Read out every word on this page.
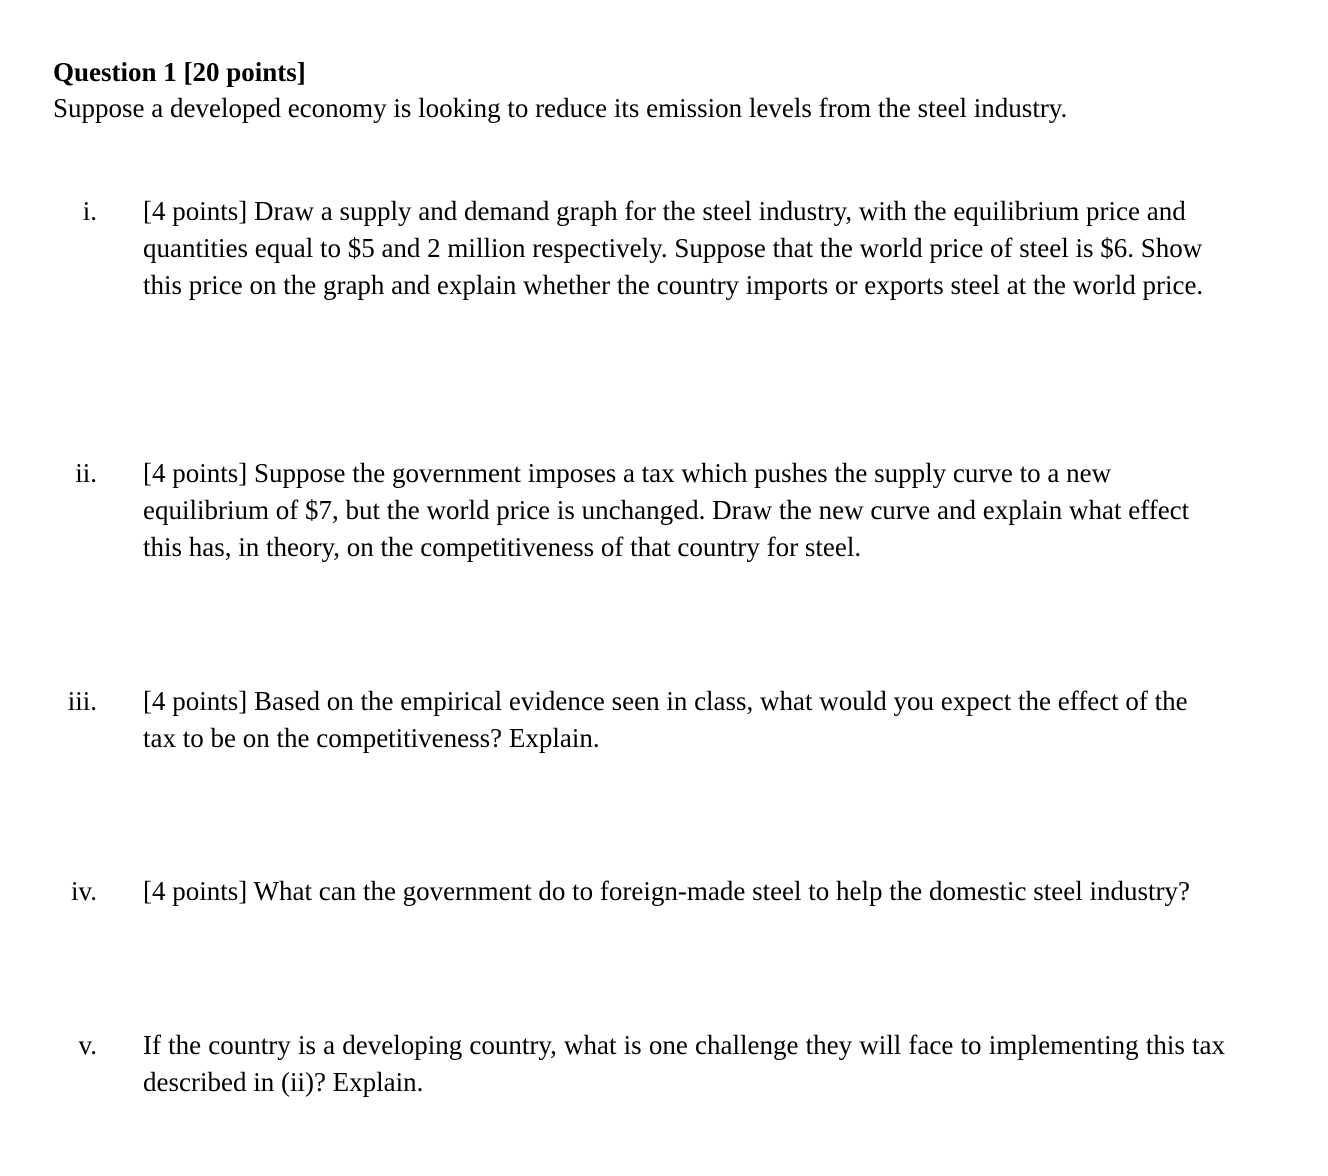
Question 1 [20 points]
Suppose a developed economy is looking to reduce its emission levels from the steel industry.
i. [4 points] Draw a supply and demand graph for the steel industry, with the equilibrium price and quantities equal to $5 and 2 million respectively. Suppose that the world price of steel is $6. Show this price on the graph and explain whether the country imports or exports steel at the world price.
ii. [4 points] Suppose the government imposes a tax which pushes the supply curve to a new equilibrium of $7, but the world price is unchanged. Draw the new curve and explain what effect this has, in theory, on the competitiveness of that country for steel.
iii. [4 points] Based on the empirical evidence seen in class, what would you expect the effect of the tax to be on the competitiveness? Explain.
iv. [4 points] What can the government do to foreign-made steel to help the domestic steel industry?
v. If the country is a developing country, what is one challenge they will face to implementing this tax described in (ii)? Explain.
